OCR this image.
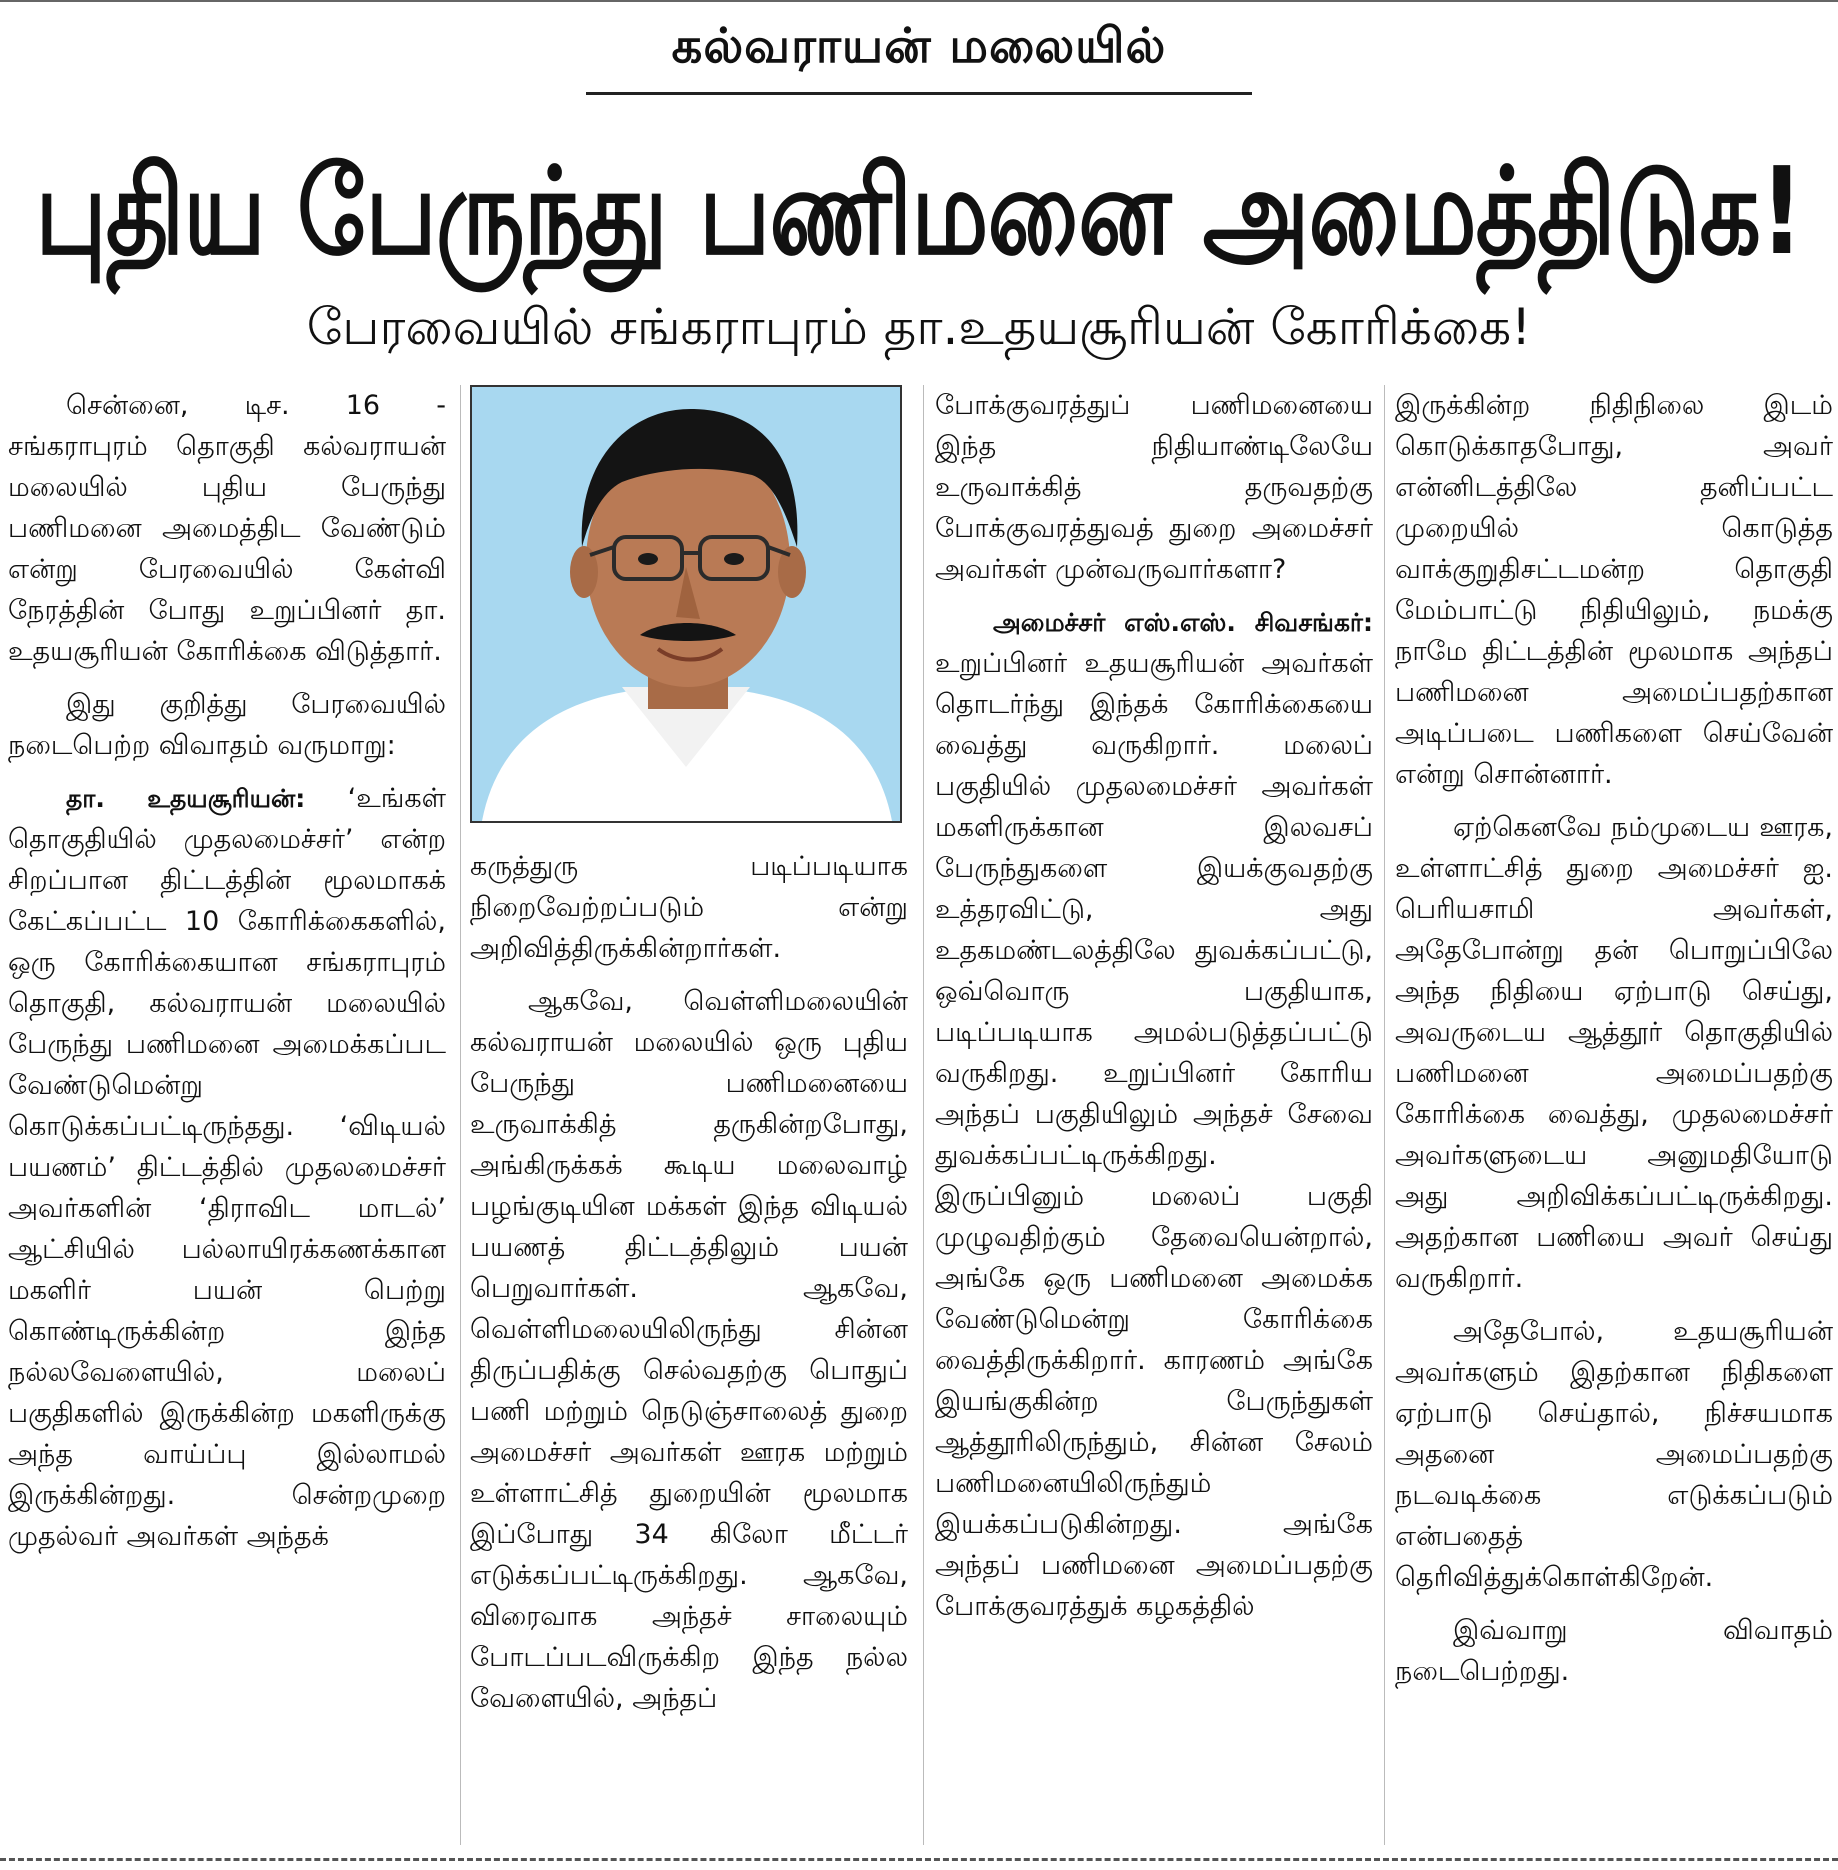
கல்வராயன் மலையில்
புதிய பேருந்து பணிமனை அமைத்திடுக!
பேரவையில் சங்கராபுரம் தா.உதயசூரியன் கோரிக்கை!

சென்னை, டிச. 16 - சங்கராபுரம் தொகுதி கல்வராயன் மலையில் புதிய பேருந்து பணிமனை அமைத்திட வேண்டும் என்று பேரவையில் கேள்வி நேரத்தின் போது உறுப்பினர் தா. உதயசூரியன் கோரிக்கை விடுத்தார்.

இது குறித்து பேரவையில் நடைபெற்ற விவாதம் வருமாறு:

தா. உதயசூரியன்: ‘உங்கள் தொகுதியில் முதலமைச்சர்’ என்ற சிறப்பான திட்டத்தின் மூலமாகக் கேட்கப்பட்ட 10 கோரிக்கைகளில், ஒரு கோரிக்கையான சங்கராபுரம் தொகுதி, கல்வராயன் மலையில் பேருந்து பணிமனை அமைக்கப்பட வேண்டுமென்று கொடுக்கப்பட்டிருந்தது. ‘விடியல் பயணம்’ திட்டத்தில் முதலமைச்சர் அவர்களின் ‘திராவிட மாடல்’ ஆட்சியில் பல்லாயிரக்கணக்கான மகளிர் பயன் பெற்று கொண்டிருக்கின்ற இந்த நல்லவேளையில், மலைப் பகுதிகளில் இருக்கின்ற மகளிருக்கு அந்த வாய்ப்பு இல்லாமல் இருக்கின்றது. சென்றமுறை முதல்வர் அவர்கள் அந்தக்

கருத்துரு படிப்படியாக நிறைவேற்றப்படும் என்று அறிவித்திருக்கின்றார்கள்.

ஆகவே, வெள்ளிமலையின் கல்வராயன் மலையில் ஒரு புதிய பேருந்து பணிமனையை உருவாக்கித் தருகின்றபோது, அங்கிருக்கக் கூடிய மலைவாழ் பழங்குடியின மக்கள் இந்த விடியல் பயணத் திட்டத்திலும் பயன் பெறுவார்கள். ஆகவே, வெள்ளிமலையிலிருந்து சின்ன திருப்பதிக்கு செல்வதற்கு பொதுப் பணி மற்றும் நெடுஞ்சாலைத் துறை அமைச்சர் அவர்கள் ஊரக மற்றும் உள்ளாட்சித் துறையின் மூலமாக இப்போது 34 கிலோ மீட்டர் எடுக்கப்பட்டிருக்கிறது. ஆகவே, விரைவாக அந்தச் சாலையும் போடப்படவிருக்கிற இந்த நல்ல வேளையில், அந்தப்

போக்குவரத்துப் பணிமனையை இந்த நிதியாண்டிலேயே உருவாக்கித் தருவதற்கு போக்குவரத்துவத் துறை அமைச்சர் அவர்கள் முன்வருவார்களா?

அமைச்சர் எஸ்.எஸ். சிவசங்கர்: உறுப்பினர் உதயசூரியன் அவர்கள் தொடர்ந்து இந்தக் கோரிக்கையை வைத்து வருகிறார். மலைப் பகுதியில் முதலமைச்சர் அவர்கள் மகளிருக்கான இலவசப் பேருந்துகளை இயக்குவதற்கு உத்தரவிட்டு, அது உதகமண்டலத்திலே துவக்கப்பட்டு, ஒவ்வொரு பகுதியாக, படிப்படியாக அமல்படுத்தப்பட்டு வருகிறது. உறுப்பினர் கோரிய அந்தப் பகுதியிலும் அந்தச் சேவை துவக்கப்பட்டிருக்கிறது. இருப்பினும் மலைப் பகுதி முழுவதிற்கும் தேவையென்றால், அங்கே ஒரு பணிமனை அமைக்க வேண்டுமென்று கோரிக்கை வைத்திருக்கிறார். காரணம் அங்கே இயங்குகின்ற பேருந்துகள் ஆத்தூரிலிருந்தும், சின்ன சேலம் பணிமனையிலிருந்தும் இயக்கப்படுகின்றது. அங்கே அந்தப் பணிமனை அமைப்பதற்கு போக்குவரத்துக் கழகத்தில்

இருக்கின்ற நிதிநிலை இடம் கொடுக்காதபோது, அவர் என்னிடத்திலே தனிப்பட்ட முறையில் கொடுத்த வாக்குறுதிசட்டமன்ற தொகுதி மேம்பாட்டு நிதியிலும், நமக்கு நாமே திட்டத்தின் மூலமாக அந்தப் பணிமனை அமைப்பதற்கான அடிப்படை பணிகளை செய்வேன் என்று சொன்னார்.

ஏற்கெனவே நம்முடைய ஊரக, உள்ளாட்சித் துறை அமைச்சர் ஐ. பெரியசாமி அவர்கள், அதேபோன்று தன் பொறுப்பிலே அந்த நிதியை ஏற்பாடு செய்து, அவருடைய ஆத்தூர் தொகுதியில் பணிமனை அமைப்பதற்கு கோரிக்கை வைத்து, முதலமைச்சர் அவர்களுடைய அனுமதியோடு அது அறிவிக்கப்பட்டிருக்கிறது. அதற்கான பணியை அவர் செய்து வருகிறார்.

அதேபோல், உதயசூரியன் அவர்களும் இதற்கான நிதிகளை ஏற்பாடு செய்தால், நிச்சயமாக அதனை அமைப்பதற்கு நடவடிக்கை எடுக்கப்படும் என்பதைத் தெரிவித்துக்கொள்கிறேன்.

இவ்வாறு விவாதம் நடைபெற்றது.
